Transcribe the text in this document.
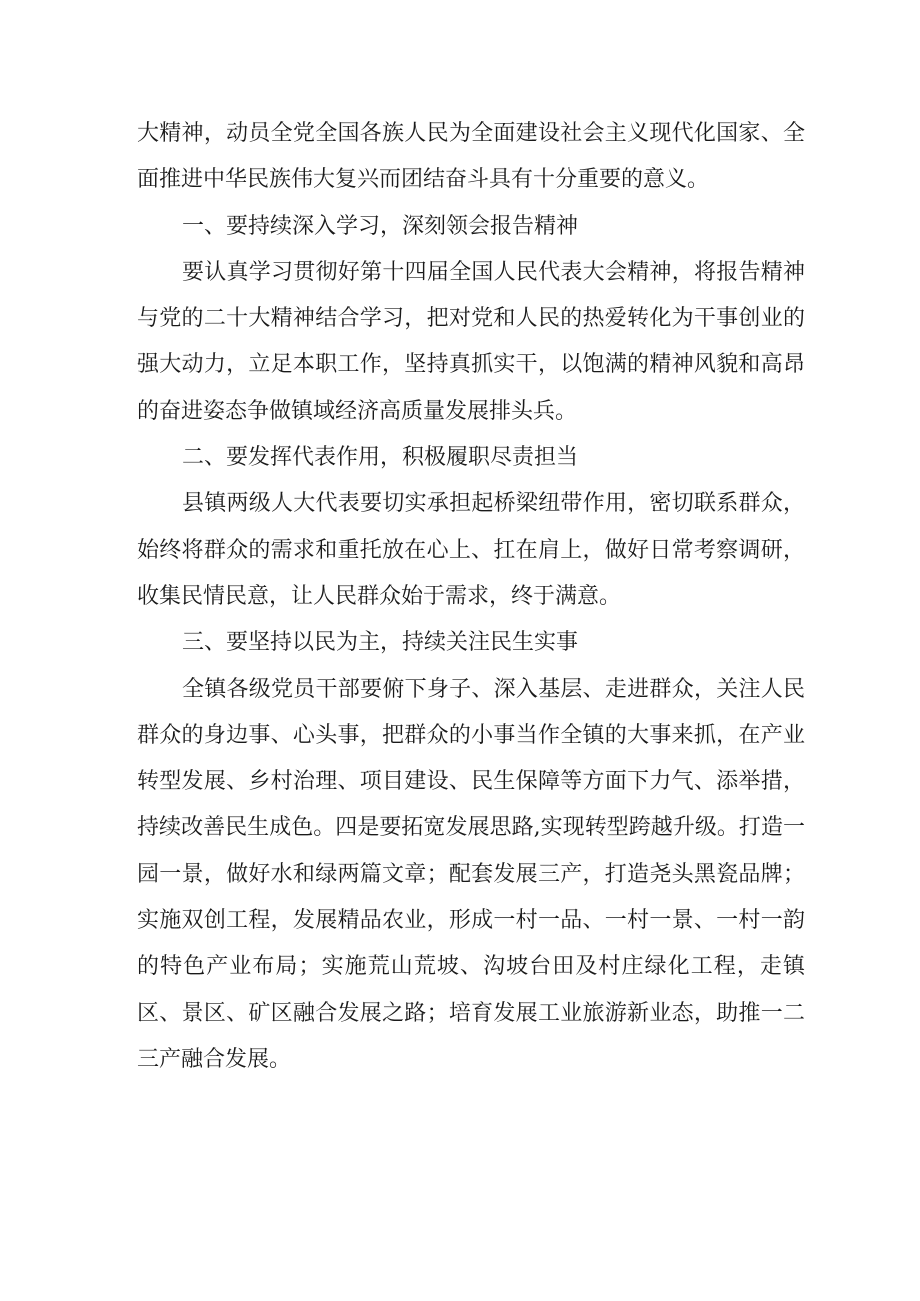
大精神，动员全党全国各族人民为全面建设社会主义现代化国家、全面推进中华民族伟大复兴而团结奋斗具有十分重要的意义。

一、要持续深入学习，深刻领会报告精神

要认真学习贯彻好第十四届全国人民代表大会精神，将报告精神与党的二十大精神结合学习，把对党和人民的热爱转化为干事创业的强大动力，立足本职工作，坚持真抓实干，以饱满的精神风貌和高昂的奋进姿态争做镇域经济高质量发展排头兵。

二、要发挥代表作用，积极履职尽责担当

县镇两级人大代表要切实承担起桥梁纽带作用，密切联系群众，始终将群众的需求和重托放在心上、扛在肩上，做好日常考察调研，收集民情民意，让人民群众始于需求，终于满意。

三、要坚持以民为主，持续关注民生实事

全镇各级党员干部要俯下身子、深入基层、走进群众，关注人民群众的身边事、心头事，把群众的小事当作全镇的大事来抓，在产业转型发展、乡村治理、项目建设、民生保障等方面下力气、添举措，持续改善民生成色。四是要拓宽发展思路,实现转型跨越升级。打造一园一景，做好水和绿两篇文章；配套发展三产，打造尧头黑瓷品牌；实施双创工程，发展精品农业，形成一村一品、一村一景、一村一韵的特色产业布局；实施荒山荒坡、沟坡台田及村庄绿化工程，走镇区、景区、矿区融合发展之路；培育发展工业旅游新业态，助推一二三产融合发展。
